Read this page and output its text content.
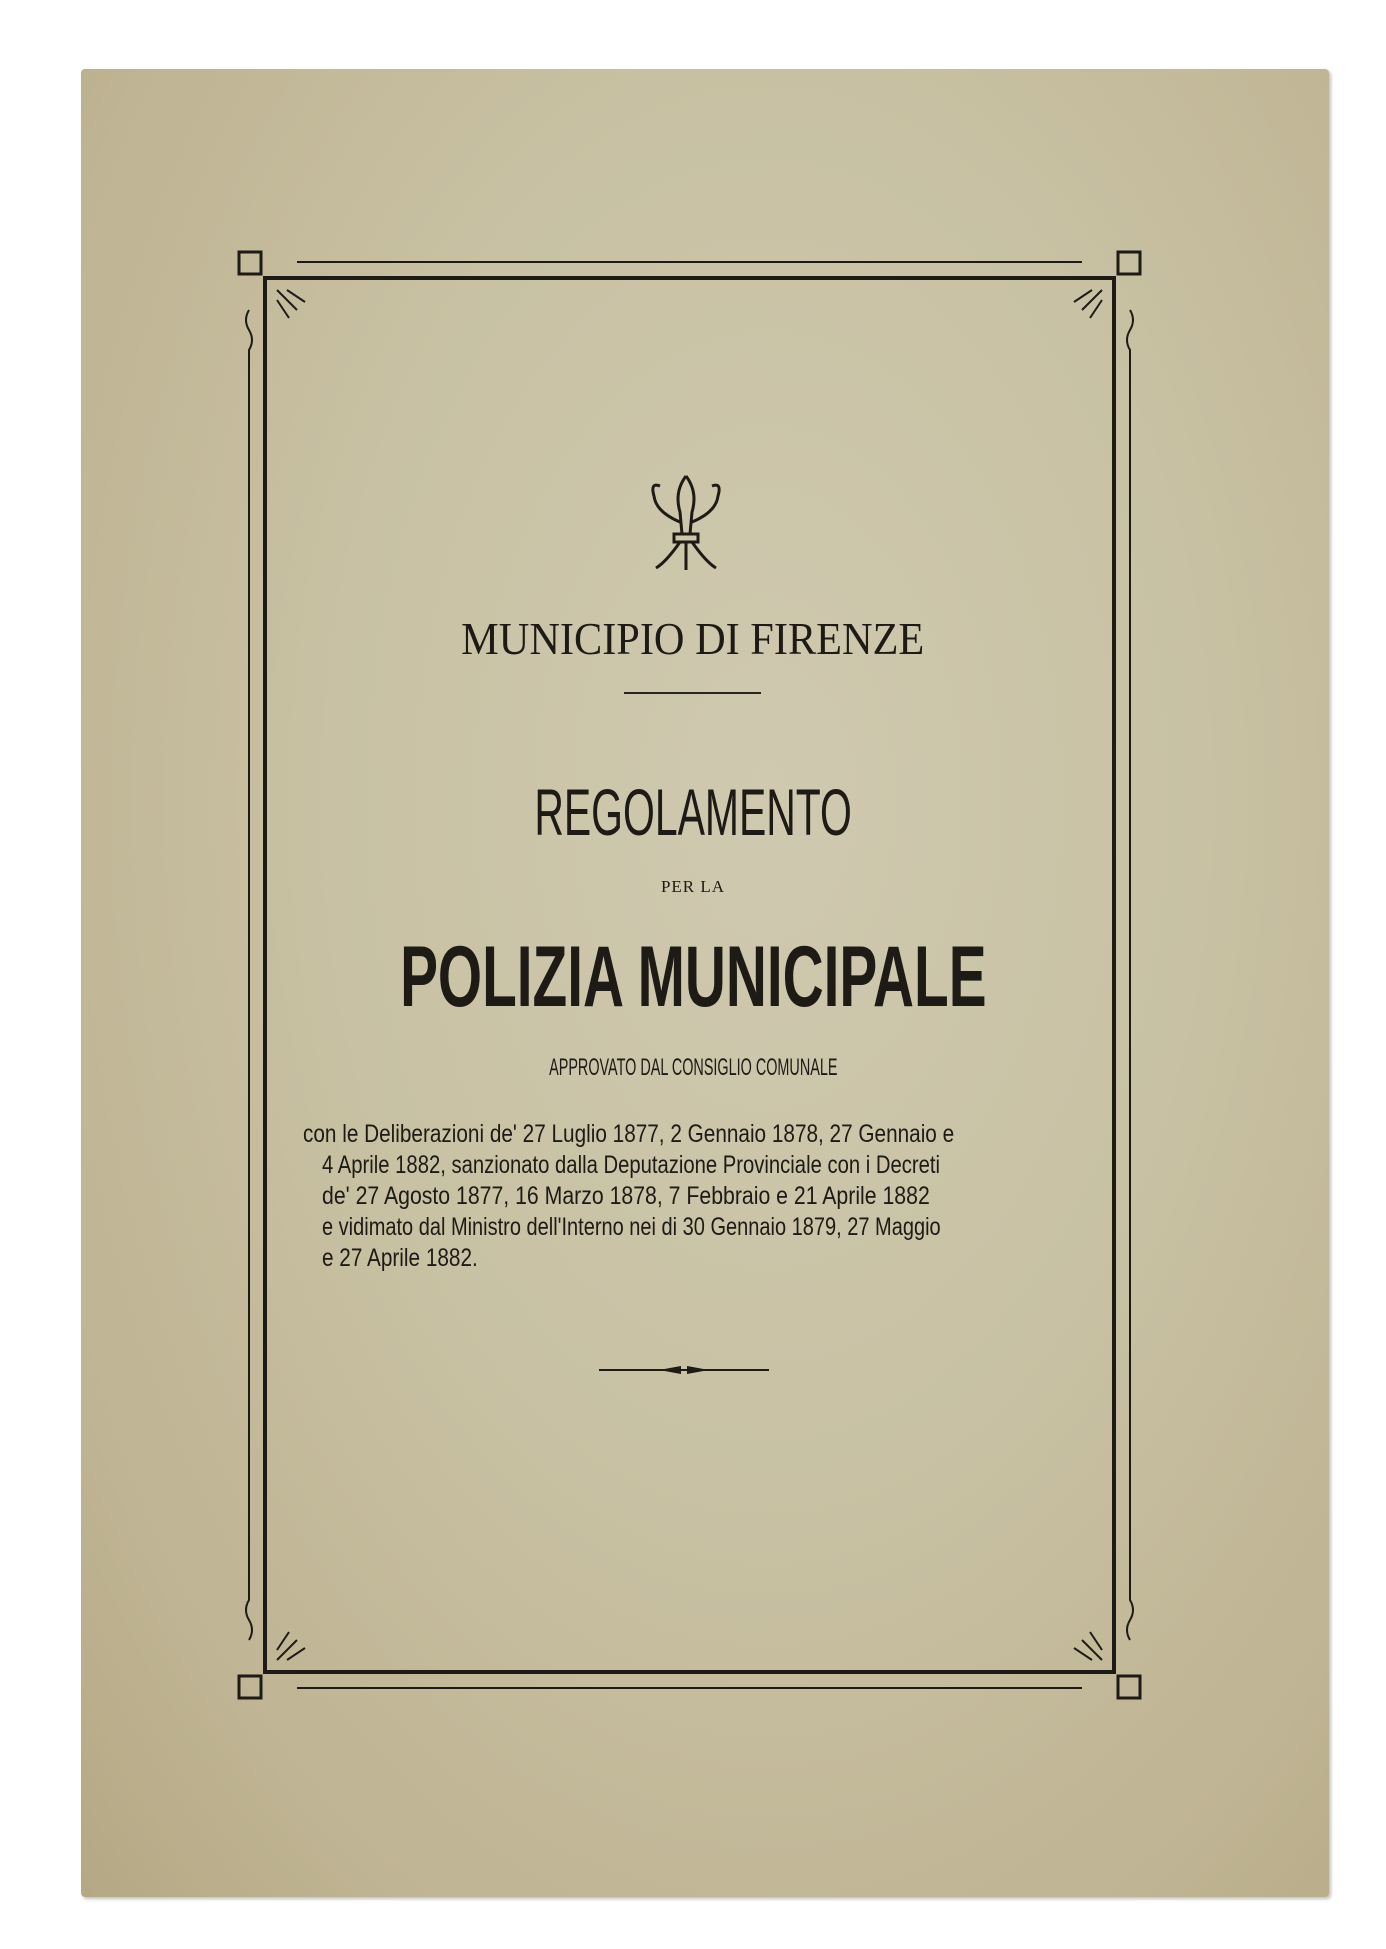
MUNICIPIO DI FIRENZE
REGOLAMENTO
PER LA
POLIZIA MUNICIPALE
APPROVATO DAL CONSIGLIO COMUNALE
con le Deliberazioni de' 27 Luglio 1877, 2 Gennaio 1878, 27 Gennaio e
4 Aprile 1882, sanzionato dalla Deputazione Provinciale con i Decreti
de' 27 Agosto 1877, 16 Marzo 1878, 7 Febbraio e 21 Aprile 1882
e vidimato dal Ministro dell'Interno nei di 30 Gennaio 1879, 27 Maggio
e 27 Aprile 1882.
